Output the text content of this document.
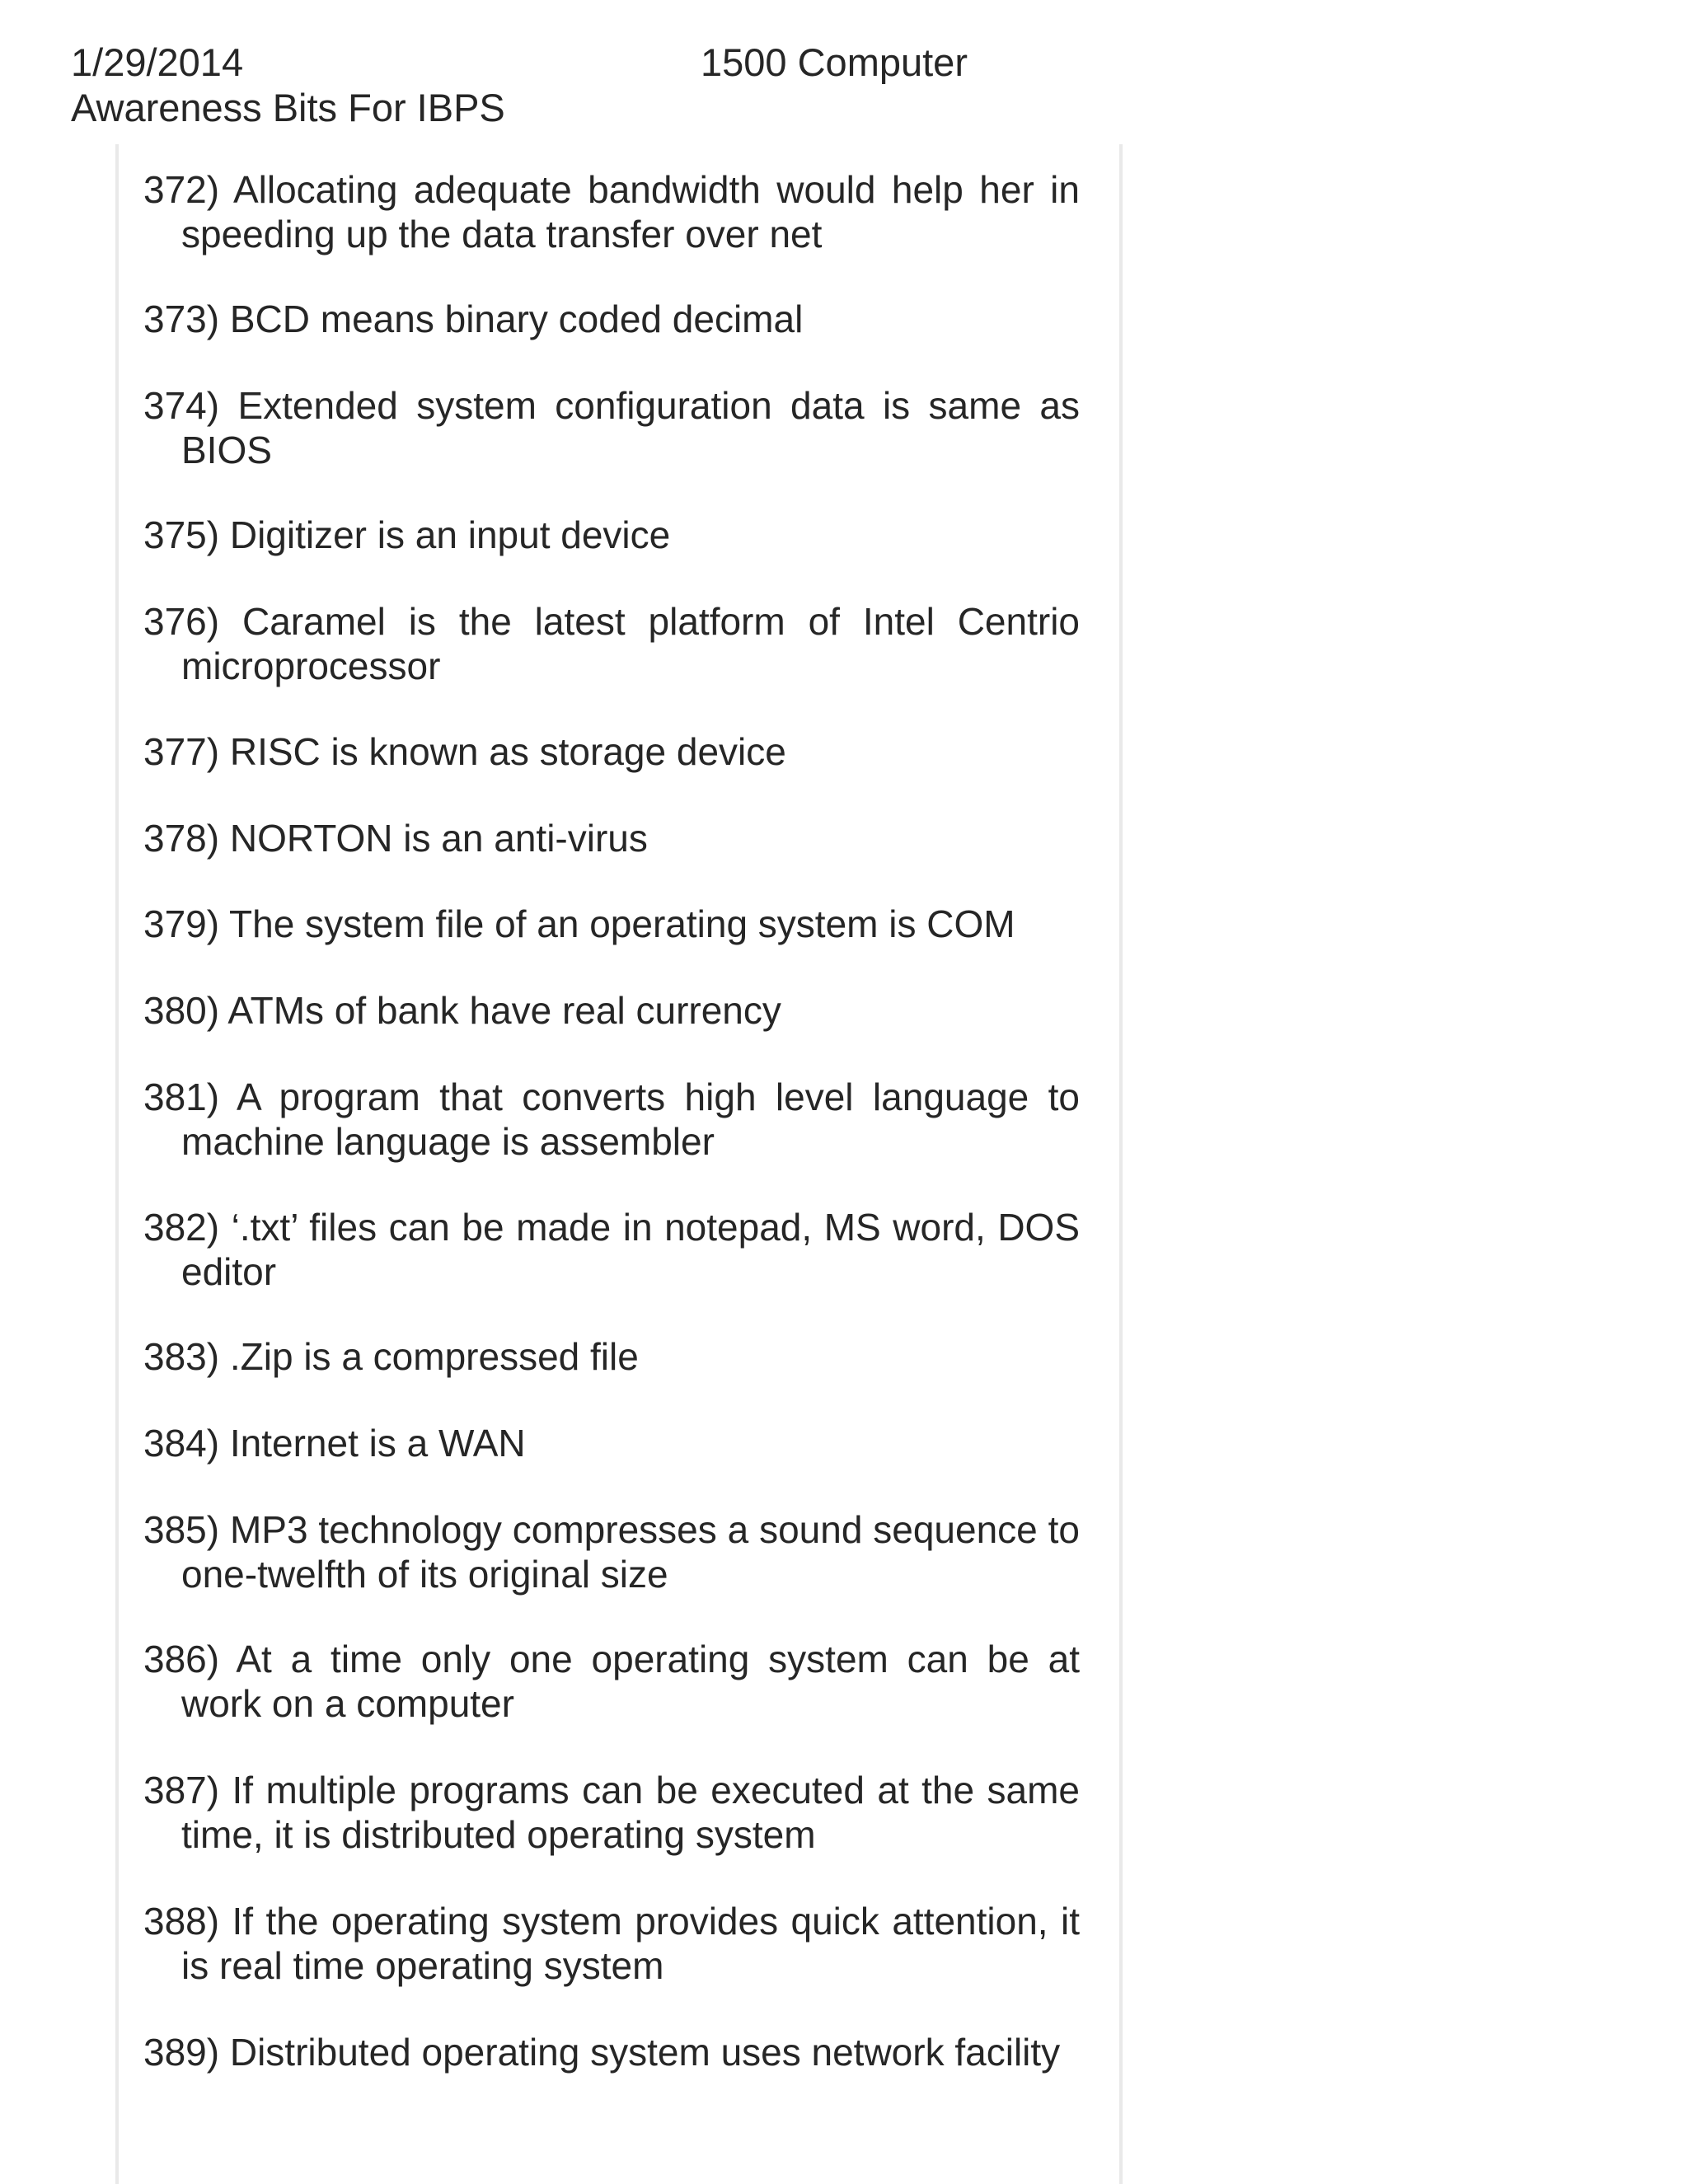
1/29/2014	1500 Computer
Awareness Bits For IBPS

372) Allocating adequate bandwidth would help her in speeding up the data transfer over net

373) BCD means binary coded decimal

374) Extended system configuration data is same as BIOS

375) Digitizer is an input device

376) Caramel is the latest platform of Intel Centrio microprocessor

377) RISC is known as storage device

378) NORTON is an anti-virus

379) The system file of an operating system is COM

380) ATMs of bank have real currency

381) A program that converts high level language to machine language is assembler

382) ‘.txt’ files can be made in notepad, MS word, DOS editor

383) .Zip is a compressed file

384) Internet is a WAN

385) MP3 technology compresses a sound sequence to one-twelfth of its original size

386) At a time only one operating system can be at work on a computer

387) If multiple programs can be executed at the same time, it is distributed operating system

388) If the operating system provides quick attention, it is real time operating system

389) Distributed operating system uses network facility
